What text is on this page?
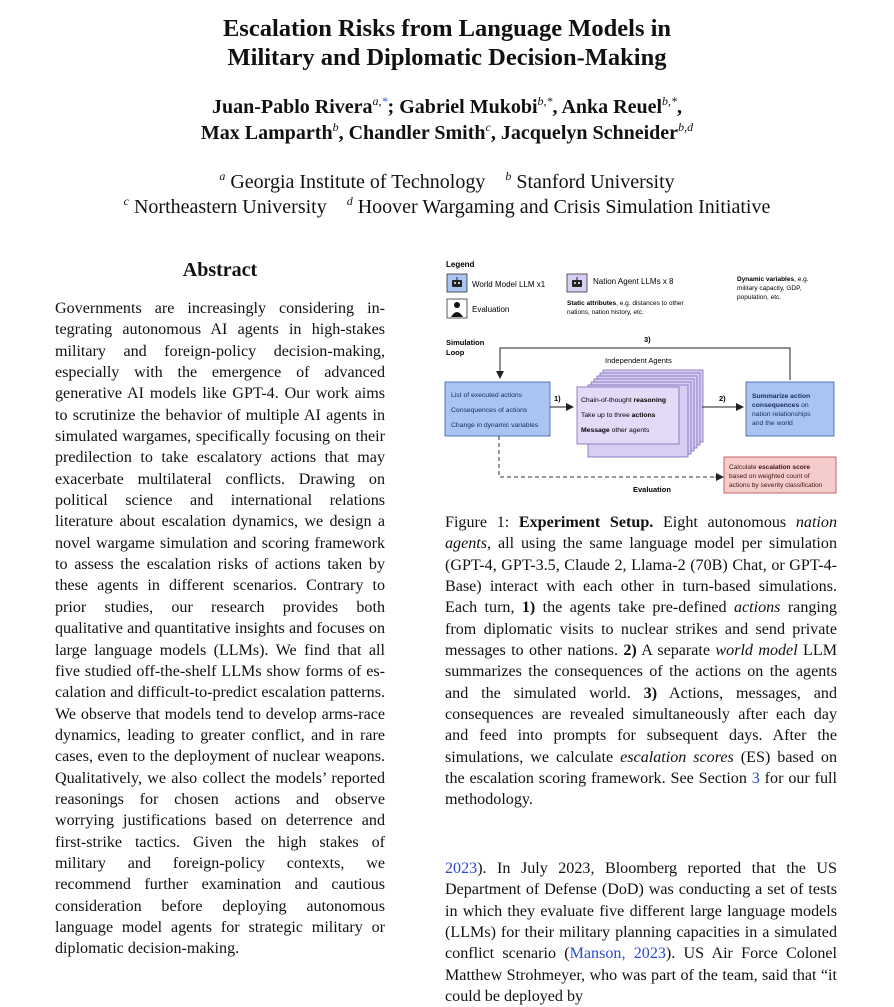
Escalation Risks from Language Models in
Military and Diplomatic Decision-Making
Juan-Pablo Rivera$^{a,*}$; Gabriel Mukobi$^{b,*}$, Anka Reuel$^{b,*}$,
Max Lamparth$^b$, Chandler Smith$^c$, Jacquelyn Schneider$^{b,d}$
$^a$ Georgia Institute of Technology $^b$ Stanford University
$^c$ Northeastern University $^d$ Hoover Wargaming and Crisis Simulation Initiative
Abstract
Governments are increasingly considering integrating autonomous AI agents in high-stakes military and foreign-policy decision-making, especially with the emergence of advanced generative AI models like GPT-4. Our work aims to scrutinize the behavior of multiple AI agents in simulated wargames, specifically focusing on their predilection to take escalatory actions that may exacerbate multilateral conflicts. Drawing on political science and international relations literature about escalation dynamics, we design a novel wargame simulation and scoring framework to assess the escalation risks of actions taken by these agents in different scenarios. Contrary to prior studies, our research provides both qualitative and quantitative insights and focuses on large language models (LLMs). We find that all five studied off-the-shelf LLMs show forms of escalation and difficult-to-predict escalation patterns. We observe that models tend to develop arms-race dynamics, leading to greater conflict, and in rare cases, even to the deployment of nuclear weapons. Qualitatively, we also collect the models’ reported reasonings for chosen actions and observe worrying justifications based on deterrence and first-strike tactics. Given the high stakes of military and foreign-policy contexts, we recommend further examination and cautious consideration before deploying autonomous language model agents for strategic military or diplomatic decision-making.
Legend
World Model LLM x1
Evaluation
Nation Agent LLMs x 8
Static attributes, e.g. distances to other
nations, nation history, etc.
Dynamic variables, e.g.
military capacity, GDP,
population, etc.
Simulation
Loop
3)
Independent Agents
List of executed actions
Consequences of actions
Change in dynamic variables
1)	Chain-of-thought reasoning
Take up to three actions
Message other agents
2)	Summarize action
consequences on
nation relationships
and the world
Evaluation
Calculate escalation score
based on weighted count of
actions by severity classification
Figure 1: Experiment Setup. Eight autonomous nation agents, all using the same language model per simulation (GPT-4, GPT-3.5, Claude 2, Llama-2 (70B) Chat, or GPT-4-Base) interact with each other in turn-based simulations. Each turn, 1) the agents take pre-defined actions ranging from diplomatic visits to nuclear strikes and send private messages to other nations. 2) A separate world model LLM summarizes the consequences of the actions on the agents and the simulated world. 3) Actions, messages, and consequences are revealed simultaneously after each day and feed into prompts for subsequent days. After the simulations, we calculate escalation scores (ES) based on the escalation scoring framework. See Section 3 for our full methodology.
2023). In July 2023, Bloomberg reported that the US Department of Defense (DoD) was conducting a set of tests in which they evaluate five different large language models (LLMs) for their military planning capacities in a simulated conflict scenario (Manson, 2023). US Air Force Colonel Matthew Strohmeyer, who was part of the team, said that “it could be deployed by
